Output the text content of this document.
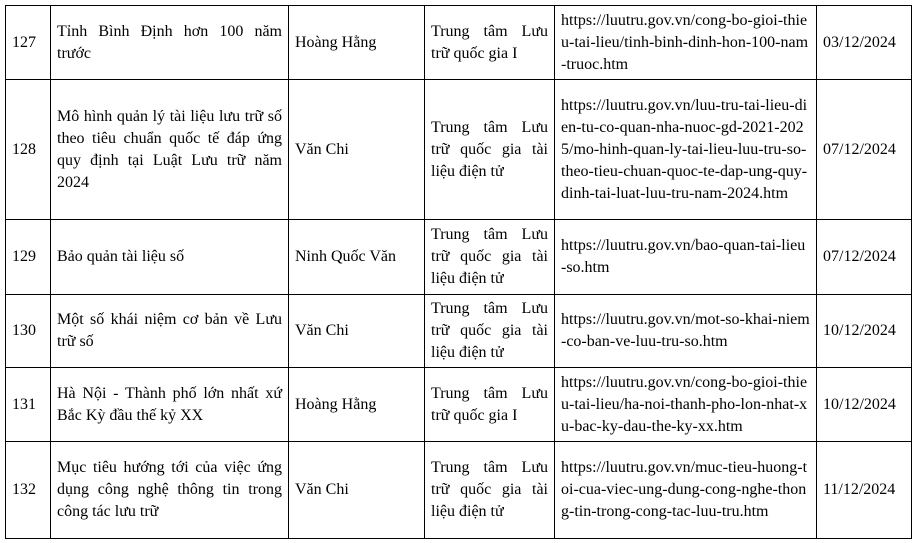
127	Tỉnh Bình Định hơn 100 năm trước	Hoàng Hằng	Trung tâm Lưu trữ quốc gia I	https://luutru.gov.vn/cong-bo-gioi-thieu-tai-lieu/tinh-binh-dinh-hon-100-nam-truoc.htm	03/12/2024
128	Mô hình quản lý tài liệu lưu trữ số theo tiêu chuẩn quốc tế đáp ứng quy định tại Luật Lưu trữ năm 2024	Văn Chi	Trung tâm Lưu trữ quốc gia tài liệu điện tử	https://luutru.gov.vn/luu-tru-tai-lieu-dien-tu-co-quan-nha-nuoc-gd-2021-2025/mo-hinh-quan-ly-tai-lieu-luu-tru-so-theo-tieu-chuan-quoc-te-dap-ung-quy-dinh-tai-luat-luu-tru-nam-2024.htm	07/12/2024
129	Bảo quản tài liệu số	Ninh Quốc Văn	Trung tâm Lưu trữ quốc gia tài liệu điện tử	https://luutru.gov.vn/bao-quan-tai-lieu-so.htm	07/12/2024
130	Một số khái niệm cơ bản về Lưu trữ số	Văn Chi	Trung tâm Lưu trữ quốc gia tài liệu điện tử	https://luutru.gov.vn/mot-so-khai-niem-co-ban-ve-luu-tru-so.htm	10/12/2024
131	Hà Nội - Thành phố lớn nhất xứ Bắc Kỳ đầu thế kỷ XX	Hoàng Hằng	Trung tâm Lưu trữ quốc gia I	https://luutru.gov.vn/cong-bo-gioi-thieu-tai-lieu/ha-noi-thanh-pho-lon-nhat-xu-bac-ky-dau-the-ky-xx.htm	10/12/2024
132	Mục tiêu hướng tới của việc ứng dụng công nghệ thông tin trong công tác lưu trữ	Văn Chi	Trung tâm Lưu trữ quốc gia tài liệu điện tử	https://luutru.gov.vn/muc-tieu-huong-toi-cua-viec-ung-dung-cong-nghe-thong-tin-trong-cong-tac-luu-tru.htm	11/12/2024
